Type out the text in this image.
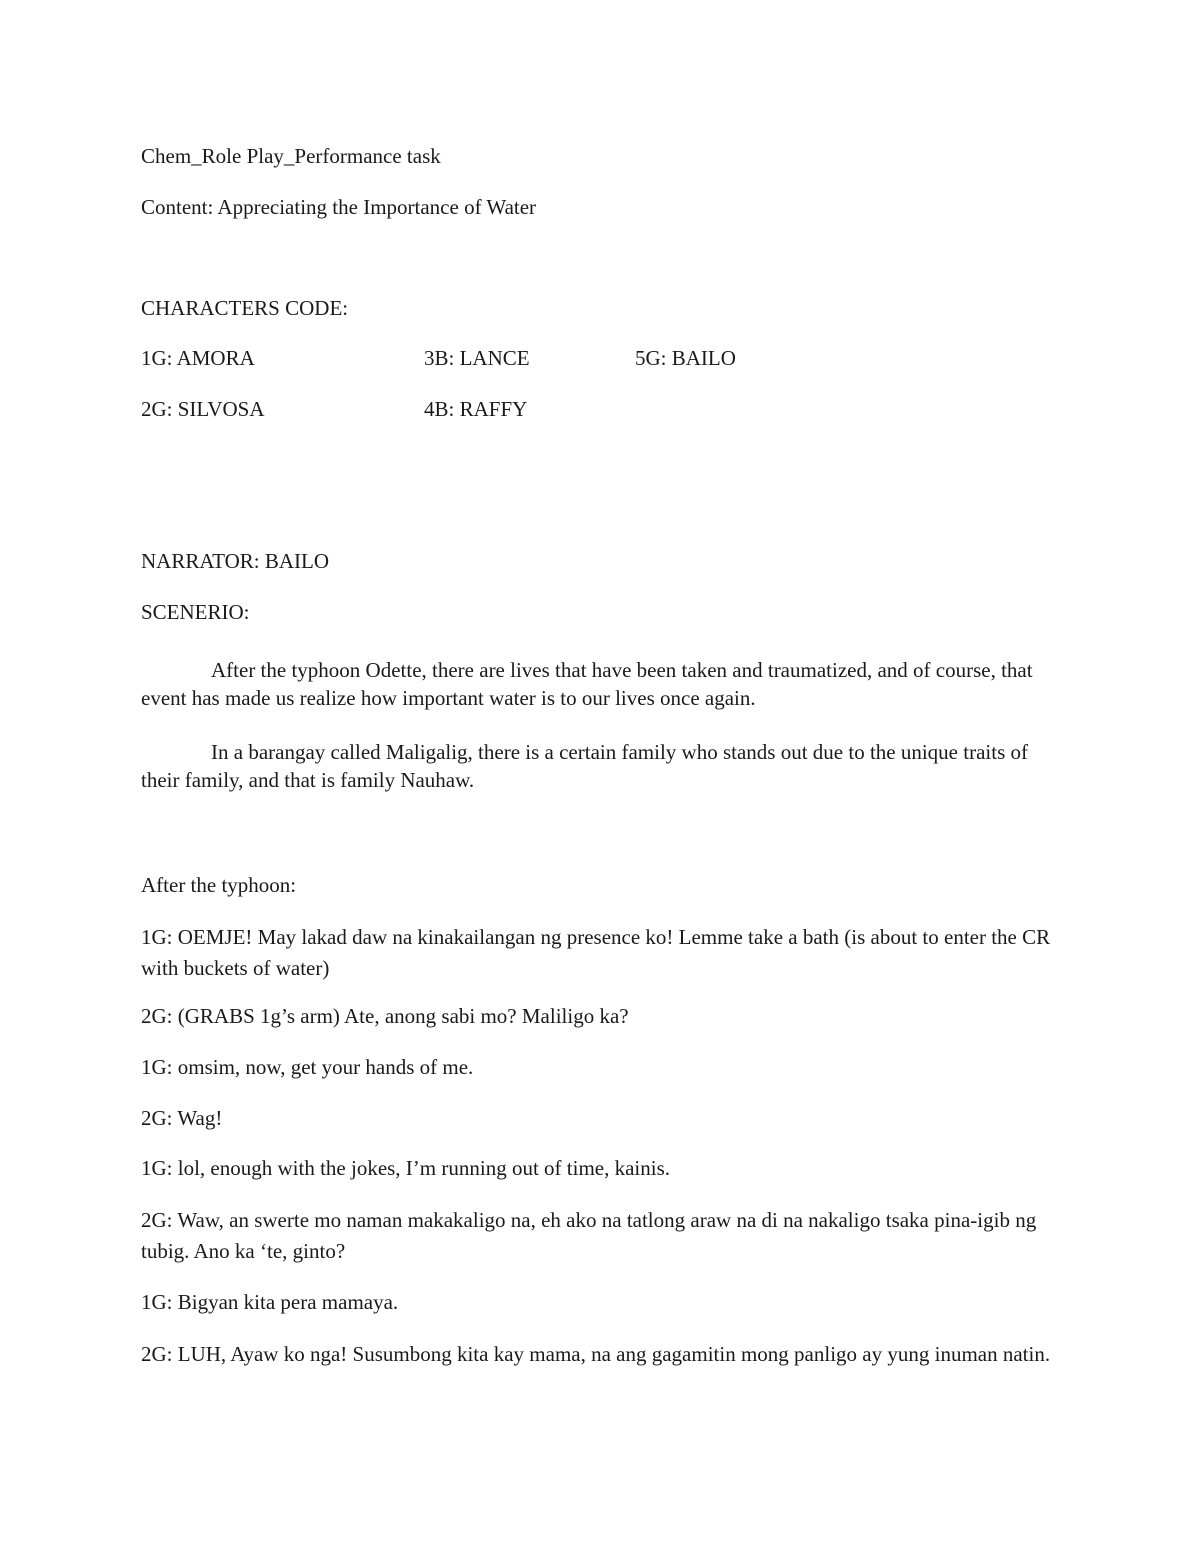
Chem_Role Play_Performance task
Content: Appreciating the Importance of Water
CHARACTERS CODE:
1G: AMORA	3B: LANCE	5G: BAILO
2G: SILVOSA	4B: RAFFY
NARRATOR: BAILO
SCENERIO:
After the typhoon Odette, there are lives that have been taken and traumatized, and of course, that event has made us realize how important water is to our lives once again.
In a barangay called Maligalig, there is a certain family who stands out due to the unique traits of their family, and that is family Nauhaw.
After the typhoon:
1G: OEMJE! May lakad daw na kinakailangan ng presence ko! Lemme take a bath (is about to enter the CR with buckets of water)
2G: (GRABS 1g’s arm) Ate, anong sabi mo? Maliligo ka?
1G: omsim, now, get your hands of me.
2G: Wag!
1G: lol, enough with the jokes, I’m running out of time, kainis.
2G: Waw, an swerte mo naman makakaligo na, eh ako na tatlong araw na di na nakaligo tsaka pina-igib ng tubig. Ano ka ‘te, ginto?
1G: Bigyan kita pera mamaya.
2G: LUH, Ayaw ko nga! Susumbong kita kay mama, na ang gagamitin mong panligo ay yung inuman natin.
